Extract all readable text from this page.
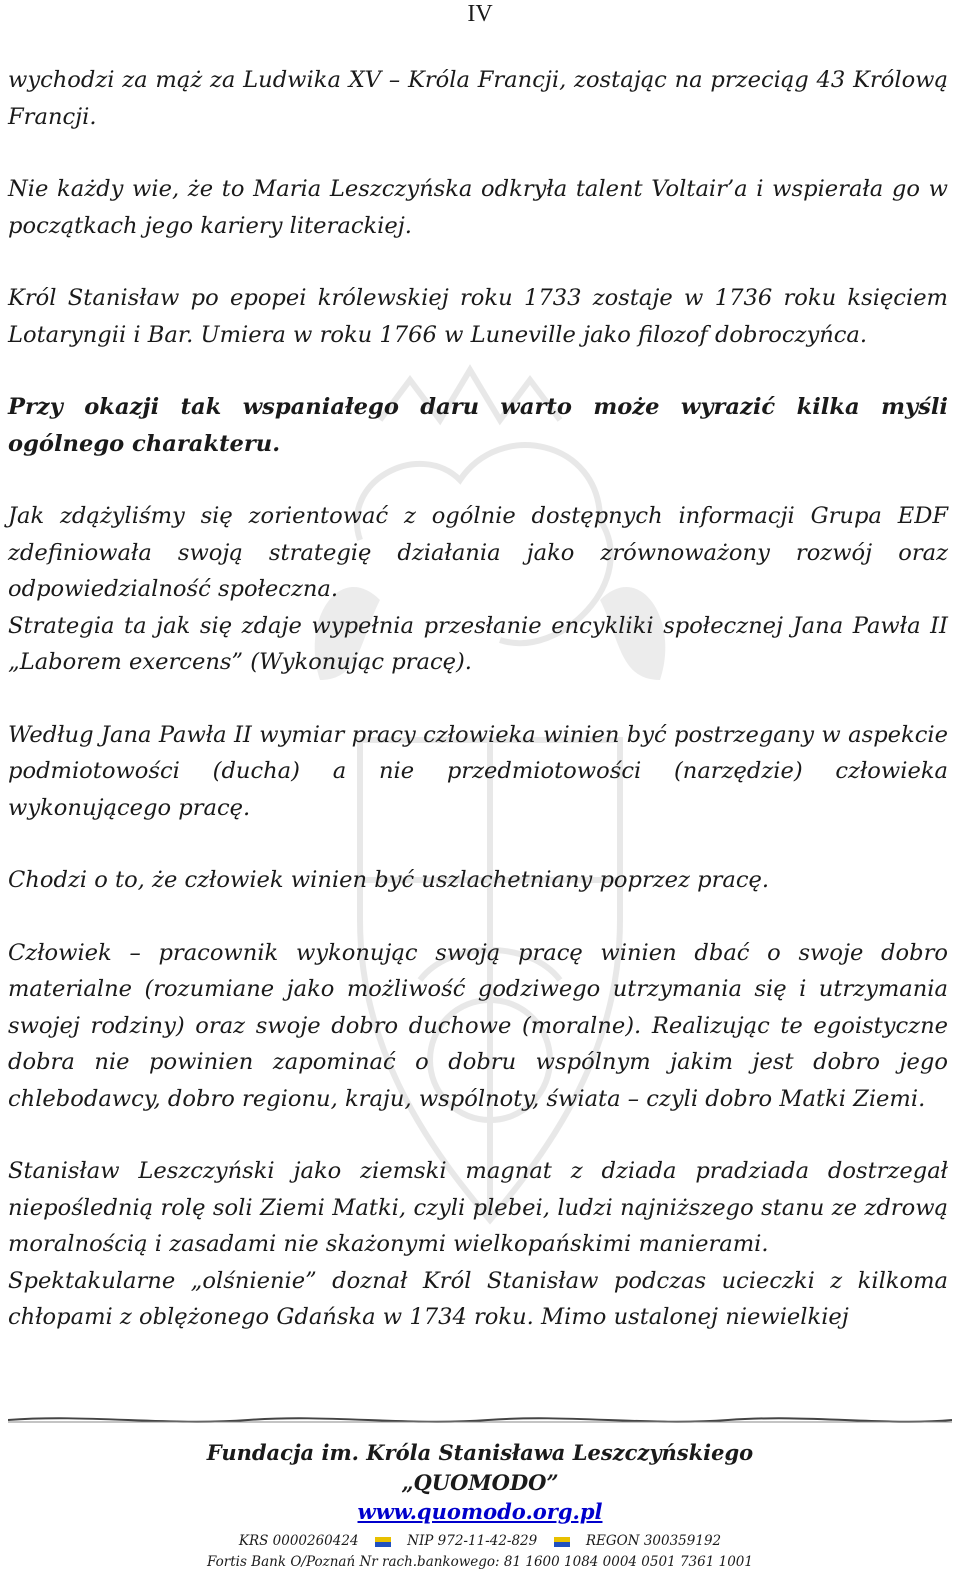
IV

wychodzi za mąż za Ludwika XV – Króla Francji, zostając na przeciąg 43 Królową Francji.

Nie każdy wie, że to Maria Leszczyńska odkryła talent Voltair’a i wspierała go w początkach jego kariery literackiej.

Król Stanisław po epopei królewskiej roku 1733 zostaje w 1736 roku księciem Lotaryngii i Bar. Umiera w roku 1766 w Luneville jako filozof dobroczyńca.

Przy okazji tak wspaniałego daru warto może wyrazić kilka myśli ogólnego charakteru.

Jak zdążyliśmy się zorientować z ogólnie dostępnych informacji Grupa EDF zdefiniowała swoją strategię działania jako zrównoważony rozwój oraz odpowiedzialność społeczna.

Strategia ta jak się zdaje wypełnia przesłanie encykliki społecznej Jana Pawła II „Laborem exercens” (Wykonując pracę).

Według Jana Pawła II wymiar pracy człowieka winien być postrzegany w aspekcie podmiotowości (ducha) a nie przedmiotowości (narzędzie) człowieka wykonującego pracę.

Chodzi o to, że człowiek winien być uszlachetniany poprzez pracę.

Człowiek – pracownik wykonując swoją pracę winien dbać o swoje dobro materialne (rozumiane jako możliwość godziwego utrzymania się i utrzymania swojej rodziny) oraz swoje dobro duchowe (moralne). Realizując te egoistyczne dobra nie powinien zapominać o dobru wspólnym jakim jest dobro jego chlebodawcy, dobro regionu, kraju, wspólnoty, świata – czyli dobro Matki Ziemi.

Stanisław Leszczyński jako ziemski magnat z dziada pradziada dostrzegał niepoślednią rolę soli Ziemi Matki, czyli plebei, ludzi najniższego stanu ze zdrową moralnością i zasadami nie skażonymi wielkopańskimi manierami.

Spektakularne „olśnienie” doznał Król Stanisław podczas ucieczki z kilkoma chłopami z oblężonego Gdańska w 1734 roku. Mimo ustalonej niewielkiej

Fundacja im. Króla Stanisława Leszczyńskiego

„QUOMODO”

www.quomodo.org.pl

KRS 0000260424	NIP 972-11-42-829	REGON 300359192

Fortis Bank O/Poznań Nr rach.bankowego: 81 1600 1084 0004 0501 7361 1001
